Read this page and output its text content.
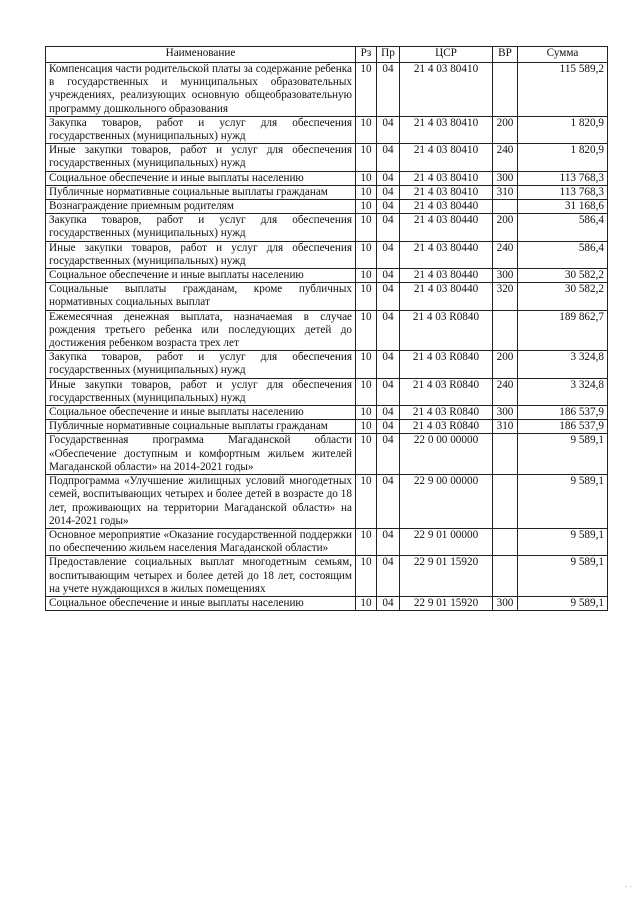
Наименование	Рз	Пр	ЦСР	ВР	Сумма
Компенсация части родительской платы за содержание ребенка в государственных и муниципальных образовательных учреждениях, реализующих основную общеобразовательную программу дошкольного образования	10	04	21 4 03 80410		115 589,2
Закупка товаров, работ и услуг для обеспечения государственных (муниципальных) нужд	10	04	21 4 03 80410	200	1 820,9
Иные закупки товаров, работ и услуг для обеспечения государственных (муниципальных) нужд	10	04	21 4 03 80410	240	1 820,9
Социальное обеспечение и иные выплаты населению	10	04	21 4 03 80410	300	113 768,3
Публичные нормативные социальные выплаты гражданам	10	04	21 4 03 80410	310	113 768,3
Вознаграждение приемным родителям	10	04	21 4 03 80440		31 168,6
Закупка товаров, работ и услуг для обеспечения государственных (муниципальных) нужд	10	04	21 4 03 80440	200	586,4
Иные закупки товаров, работ и услуг для обеспечения государственных (муниципальных) нужд	10	04	21 4 03 80440	240	586,4
Социальное обеспечение и иные выплаты населению	10	04	21 4 03 80440	300	30 582,2
Социальные выплаты гражданам, кроме публичных нормативных социальных выплат	10	04	21 4 03 80440	320	30 582,2
Ежемесячная денежная выплата, назначаемая в случае рождения третьего ребенка или последующих детей до достижения ребенком возраста трех лет	10	04	21 4 03 R0840		189 862,7
Закупка товаров, работ и услуг для обеспечения государственных (муниципальных) нужд	10	04	21 4 03 R0840	200	3 324,8
Иные закупки товаров, работ и услуг для обеспечения государственных (муниципальных) нужд	10	04	21 4 03 R0840	240	3 324,8
Социальное обеспечение и иные выплаты населению	10	04	21 4 03 R0840	300	186 537,9
Публичные нормативные социальные выплаты гражданам	10	04	21 4 03 R0840	310	186 537,9
Государственная программа Магаданской области «Обеспечение доступным и комфортным жильем жителей Магаданской области» на 2014-2021 годы»	10	04	22 0 00 00000		9 589,1
Подпрограмма «Улучшение жилищных условий многодетных семей, воспитывающих четырех и более детей в возрасте до 18 лет, проживающих на территории Магаданской области» на 2014-2021 годы»	10	04	22 9 00 00000		9 589,1
Основное мероприятие «Оказание государственной поддержки по обеспечению жильем населения Магаданской области»	10	04	22 9 01 00000		9 589,1
Предоставление социальных выплат многодетным семьям, воспитывающим четырех и более детей до 18 лет, состоящим на учете нуждающихся в жилых помещениях	10	04	22 9 01 15920		9 589,1
Социальное обеспечение и иные выплаты населению	10	04	22 9 01 15920	300	9 589,1
- -
